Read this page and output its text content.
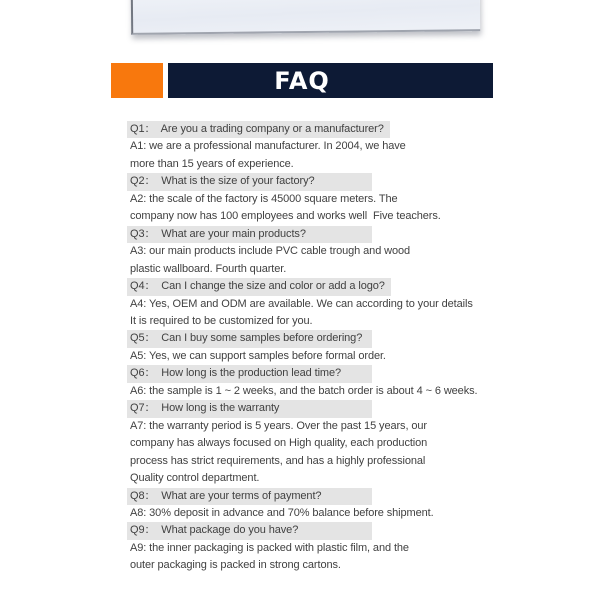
FAQ
Q1：  Are you a trading company or a manufacturer?
A1: we are a professional manufacturer. In 2004, we have
more than 15 years of experience.
Q2：  What is the size of your factory?
A2: the scale of the factory is 45000 square meters. The
company now has 100 employees and works well  Five teachers.
Q3：  What are your main products?
A3: our main products include PVC cable trough and wood
plastic wallboard. Fourth quarter.
Q4：  Can I change the size and color or add a logo?
A4: Yes, OEM and ODM are available. We can according to your details
It is required to be customized for you.
Q5：  Can I buy some samples before ordering?
A5: Yes, we can support samples before formal order.
Q6：  How long is the production lead time?
A6: the sample is 1 ~ 2 weeks, and the batch order is about 4 ~ 6 weeks.
Q7：  How long is the warranty
A7: the warranty period is 5 years. Over the past 15 years, our
company has always focused on High quality, each production
process has strict requirements, and has a highly professional
Quality control department.
Q8：  What are your terms of payment?
A8: 30% deposit in advance and 70% balance before shipment.
Q9：  What package do you have?
A9: the inner packaging is packed with plastic film, and the
outer packaging is packed in strong cartons.
